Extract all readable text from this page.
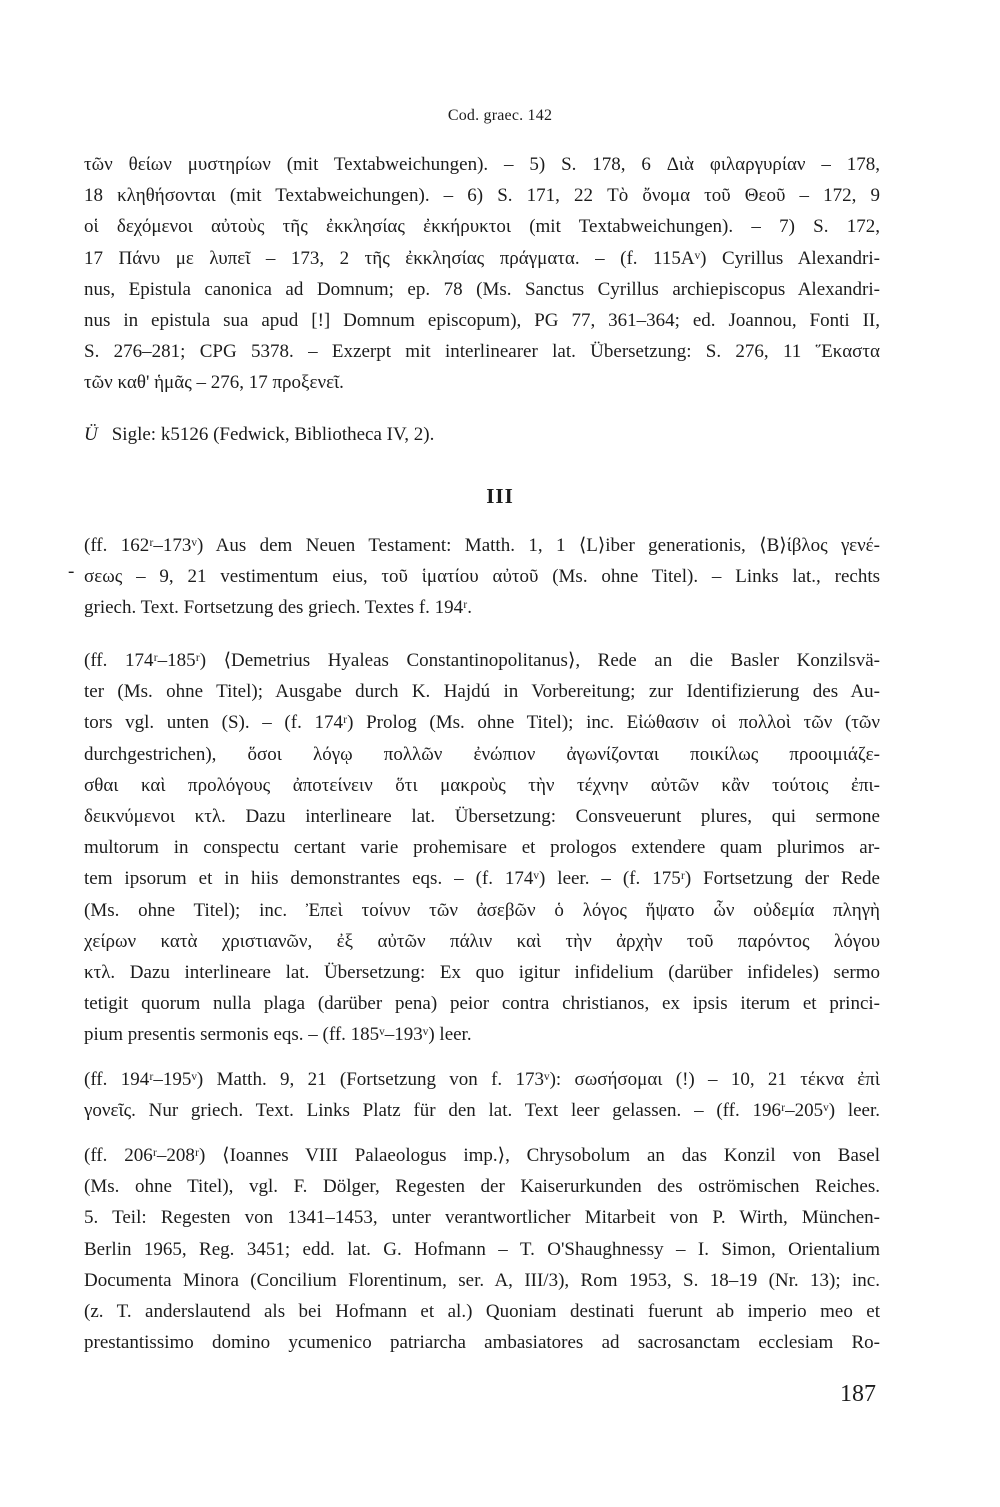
Cod. graec. 142
τῶν θείων μυστηρίων (mit Textabweichungen). – 5) S. 178, 6 Διὰ φιλαργυρίαν – 178,
18 κληθήσονται (mit Textabweichungen). – 6) S. 171, 22 Τὸ ὄνομα τοῦ Θεοῦ – 172, 9
οἱ δεχόμενοι αὐτοὺς τῆς ἐκκλησίας ἐκκήρυκτοι (mit Textabweichungen). – 7) S. 172,
17 Πάνυ με λυπεῖ – 173, 2 τῆς ἐκκλησίας πράγματα. – (f. 115Aᵛ) Cyrillus Alexandri-
nus, Epistula canonica ad Domnum; ep. 78 (Ms. Sanctus Cyrillus archiepiscopus Alexandri-
nus in epistula sua apud [!] Domnum episcopum), PG 77, 361–364; ed. Joannou, Fonti II,
S. 276–281; CPG 5378. – Exzerpt mit interlinearer lat. Übersetzung: S. 276, 11 Ἕκαστα
τῶν καθ' ἡμᾶς – 276, 17 προξενεῖ.
Ü Sigle: k5126 (Fedwick, Bibliotheca IV, 2).
III
-
(ff. 162ʳ–173ᵛ) Aus dem Neuen Testament: Matth. 1, 1 ⟨L⟩iber generationis, ⟨Β⟩ίβλος γενέ-
σεως – 9, 21 vestimentum eius, τοῦ ἱματίου αὐτοῦ (Ms. ohne Titel). – Links lat., rechts
griech. Text. Fortsetzung des griech. Textes f. 194ʳ.
(ff. 174ʳ–185ʳ) ⟨Demetrius Hyaleas Constantinopolitanus⟩, Rede an die Basler Konzilsvä-
ter (Ms. ohne Titel); Ausgabe durch K. Hajdú in Vorbereitung; zur Identifizierung des Au-
tors vgl. unten (S). – (f. 174ʳ) Prolog (Ms. ohne Titel); inc. Εἰώθασιν οἱ πολλοὶ τῶν (τῶν
durchgestrichen), ὅσοι λόγῳ πολλῶν ἐνώπιον ἀγωνίζονται ποικίλως προοιμιάζε-
σθαι καὶ προλόγους ἀποτείνειν ὅτι μακροὺς τὴν τέχνην αὐτῶν κἂν τούτοις ἐπι-
δεικνύμενοι κτλ. Dazu interlineare lat. Übersetzung: Consveuerunt plures, qui sermone
multorum in conspectu certant varie prohemisare et prologos extendere quam plurimos ar-
tem ipsorum et in hiis demonstrantes eqs. – (f. 174ᵛ) leer. – (f. 175ʳ) Fortsetzung der Rede
(Ms. ohne Titel); inc. Ἐπεὶ τοίνυν τῶν ἀσεβῶν ὁ λόγος ἥψατο ὧν οὐδεμία πληγὴ
χείρων κατὰ χριστιανῶν, ἐξ αὐτῶν πάλιν καὶ τὴν ἀρχὴν τοῦ παρόντος λόγου
κτλ. Dazu interlineare lat. Übersetzung: Ex quo igitur infidelium (darüber infideles) sermo
tetigit quorum nulla plaga (darüber pena) peior contra christianos, ex ipsis iterum et princi-
pium presentis sermonis eqs. – (ff. 185ᵛ–193ᵛ) leer.
(ff. 194ʳ–195ᵛ) Matth. 9, 21 (Fortsetzung von f. 173ᵛ): σωσήσομαι (!) – 10, 21 τέκνα ἐπὶ
γονεῖς. Nur griech. Text. Links Platz für den lat. Text leer gelassen. – (ff. 196ʳ–205ᵛ) leer.
(ff. 206ʳ–208ʳ) ⟨Ioannes VIII Palaeologus imp.⟩, Chrysobolum an das Konzil von Basel
(Ms. ohne Titel), vgl. F. Dölger, Regesten der Kaiserurkunden des oströmischen Reiches.
5. Teil: Regesten von 1341–1453, unter verantwortlicher Mitarbeit von P. Wirth, München-
Berlin 1965, Reg. 3451; edd. lat. G. Hofmann – T. O'Shaughnessy – I. Simon, Orientalium
Documenta Minora (Concilium Florentinum, ser. A, III/3), Rom 1953, S. 18–19 (Nr. 13); inc.
(z. T. anderslautend als bei Hofmann et al.) Quoniam destinati fuerunt ab imperio meo et
prestantissimo domino ycumenico patriarcha ambasiatores ad sacrosanctam ecclesiam Ro-
187
